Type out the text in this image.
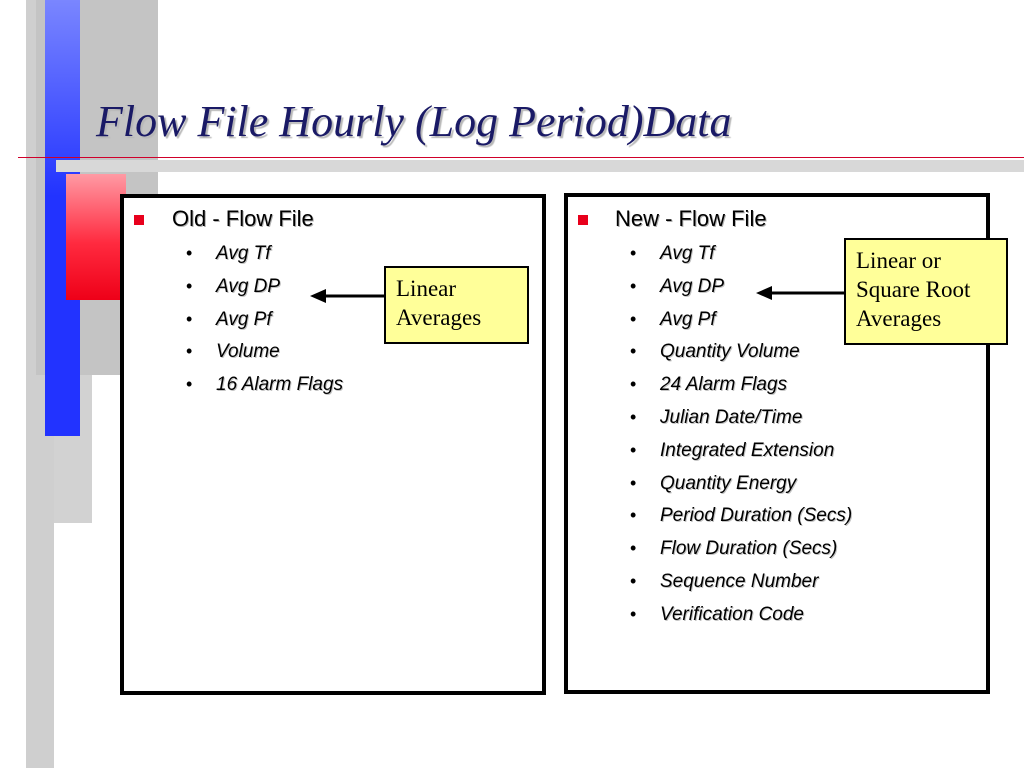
Flow File Hourly (Log Period)Data
Old - Flow File
• Avg Tf
• Avg DP
• Avg Pf
• Volume
• 16 Alarm Flags
Linear
Averages
New - Flow File
• Avg Tf
• Avg DP
• Avg Pf
• Quantity Volume
• 24 Alarm Flags
• Julian Date/Time
• Integrated Extension
• Quantity Energy
• Period Duration (Secs)
• Flow Duration (Secs)
• Sequence Number
• Verification Code
Linear or
Square Root
Averages
